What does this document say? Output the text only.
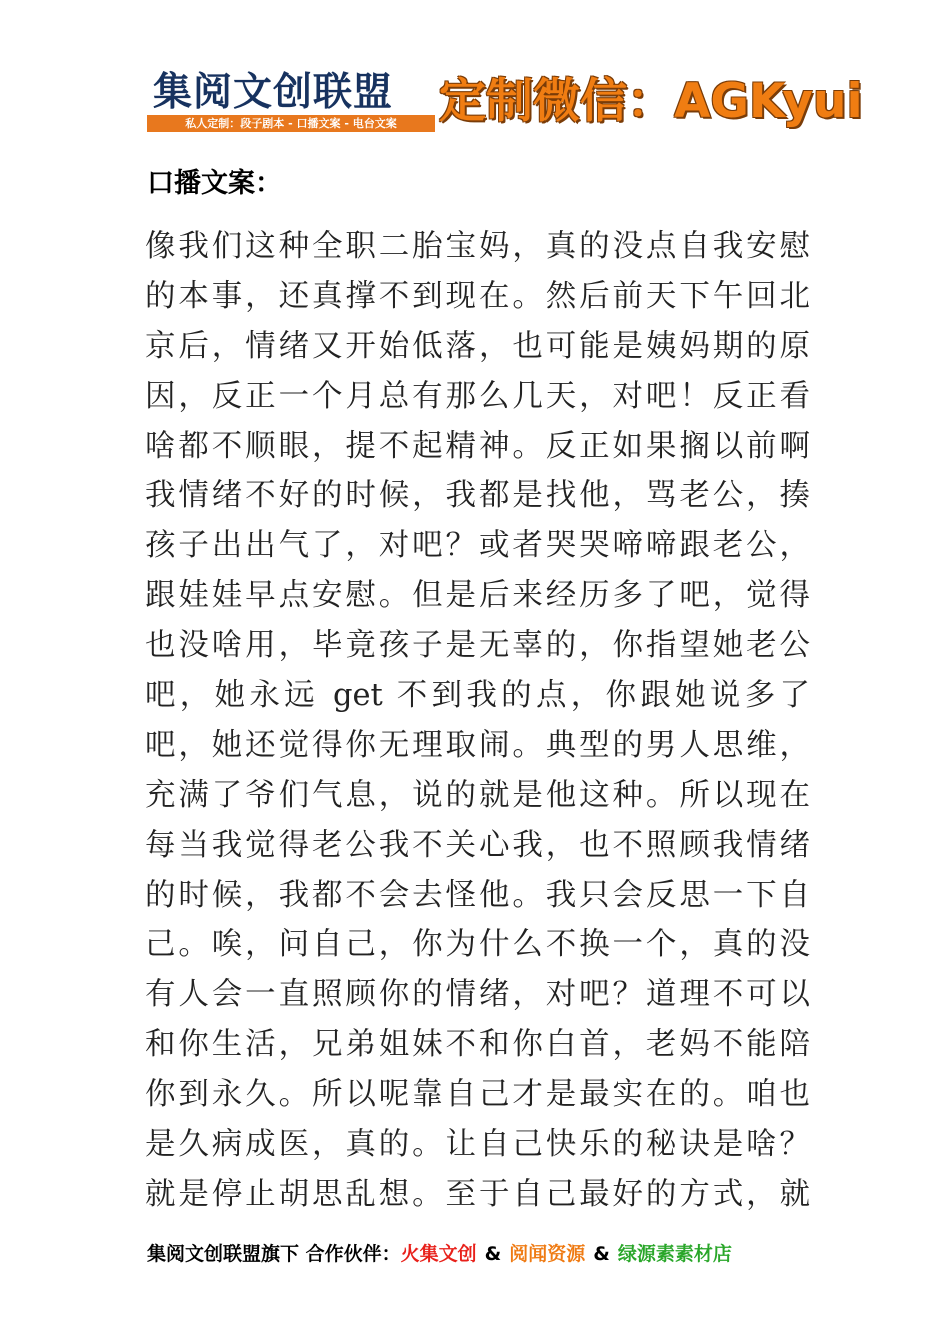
集阅文创联盟
私人定制：段子剧本 - 口播文案 - 电台文案 定制微信：AGKyui
口播文案：
像我们这种全职二胎宝妈，真的没点自我安慰
的本事，还真撑不到现在。然后前天下午回北
京后，情绪又开始低落，也可能是姨妈期的原
因，反正一个月总有那么几天，对吧！反正看
啥都不顺眼，提不起精神。反正如果搁以前啊
我情绪不好的时候，我都是找他，骂老公，揍
孩子出出气了，对吧？或者哭哭啼啼跟老公，
跟娃娃早点安慰。但是后来经历多了吧，觉得
也没啥用，毕竟孩子是无辜的，你指望她老公
吧，她永远 get 不到我的点，你跟她说多了
吧，她还觉得你无理取闹。典型的男人思维，
充满了爷们气息，说的就是他这种。所以现在
每当我觉得老公我不关心我，也不照顾我情绪
的时候，我都不会去怪他。我只会反思一下自
己。唉，问自己，你为什么不换一个，真的没
有人会一直照顾你的情绪，对吧？道理不可以
和你生活，兄弟姐妹不和你白首，老妈不能陪
你到永久。所以呢靠自己才是最实在的。咱也
是久病成医，真的。让自己快乐的秘诀是啥？
就是停止胡思乱想。至于自己最好的方式，就
集阅文创联盟旗下 合作伙伴：火集文创 & 阅闻资源 & 绿源素素材店
